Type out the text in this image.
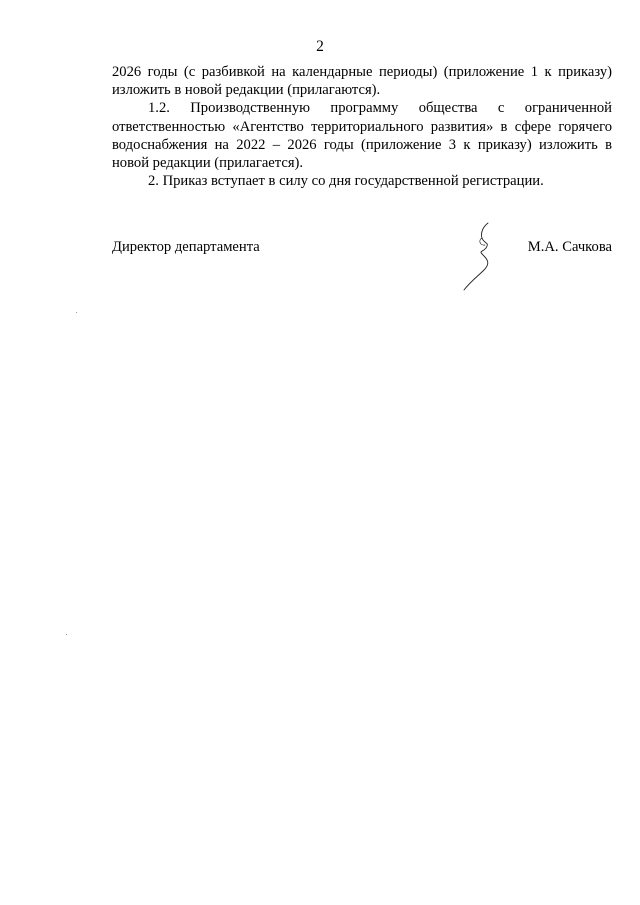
2

2026 годы (с разбивкой на календарные периоды) (приложение 1 к приказу) изложить в новой редакции (прилагаются).

1.2. Производственную программу общества с ограниченной ответственностью «Агентство территориального развития» в сфере горячего водоснабжения на 2022 – 2026 годы (приложение 3 к приказу) изложить в новой редакции (прилагается).

2. Приказ вступает в силу со дня государственной регистрации.

Директор департамента	М.А. Сачкова
